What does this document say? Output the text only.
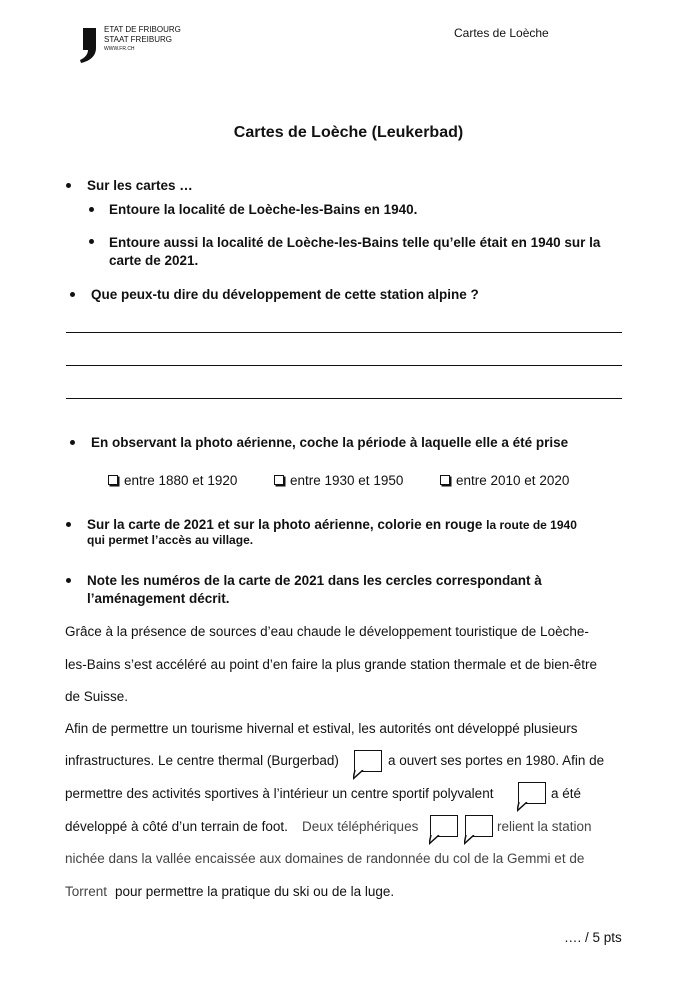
ETAT DE FRIBOURG
STAAT FREIBURG
WWW.FR.CH
Cartes de Loèche
Cartes de Loèche (Leukerbad)
Sur les cartes …
Entoure la localité de Loèche-les-Bains en 1940.
Entoure aussi la localité de Loèche-les-Bains telle qu’elle était en 1940 sur la
carte de 2021.
Que peux-tu dire du développement de cette station alpine ?
En observant la photo aérienne, coche la période à laquelle elle a été prise
entre 1880 et 1920	entre 1930 et 1950	entre 2010 et 2020
Sur la carte de 2021 et sur la photo aérienne, colorie en rouge la route de 1940
qui permet l’accès au village.
Note les numéros de la carte de 2021 dans les cercles correspondant à
l’aménagement décrit.
Grâce à la présence de sources d’eau chaude le développement touristique de Loèche-
les-Bains s’est accéléré au point d’en faire la plus grande station thermale et de bien-être
de Suisse.
Afin de permettre un tourisme hivernal et estival, les autorités ont développé plusieurs
infrastructures. Le centre thermal (Burgerbad)	a ouvert ses portes en 1980. Afin de
permettre des activités sportives à l’intérieur un centre sportif polyvalent	a été
développé à côté d’un terrain de foot. Deux téléphériques	relient la station
nichée dans la vallée encaissée aux domaines de randonnée du col de la Gemmi et de
Torrent pour permettre la pratique du ski ou de la luge.
…. / 5 pts
